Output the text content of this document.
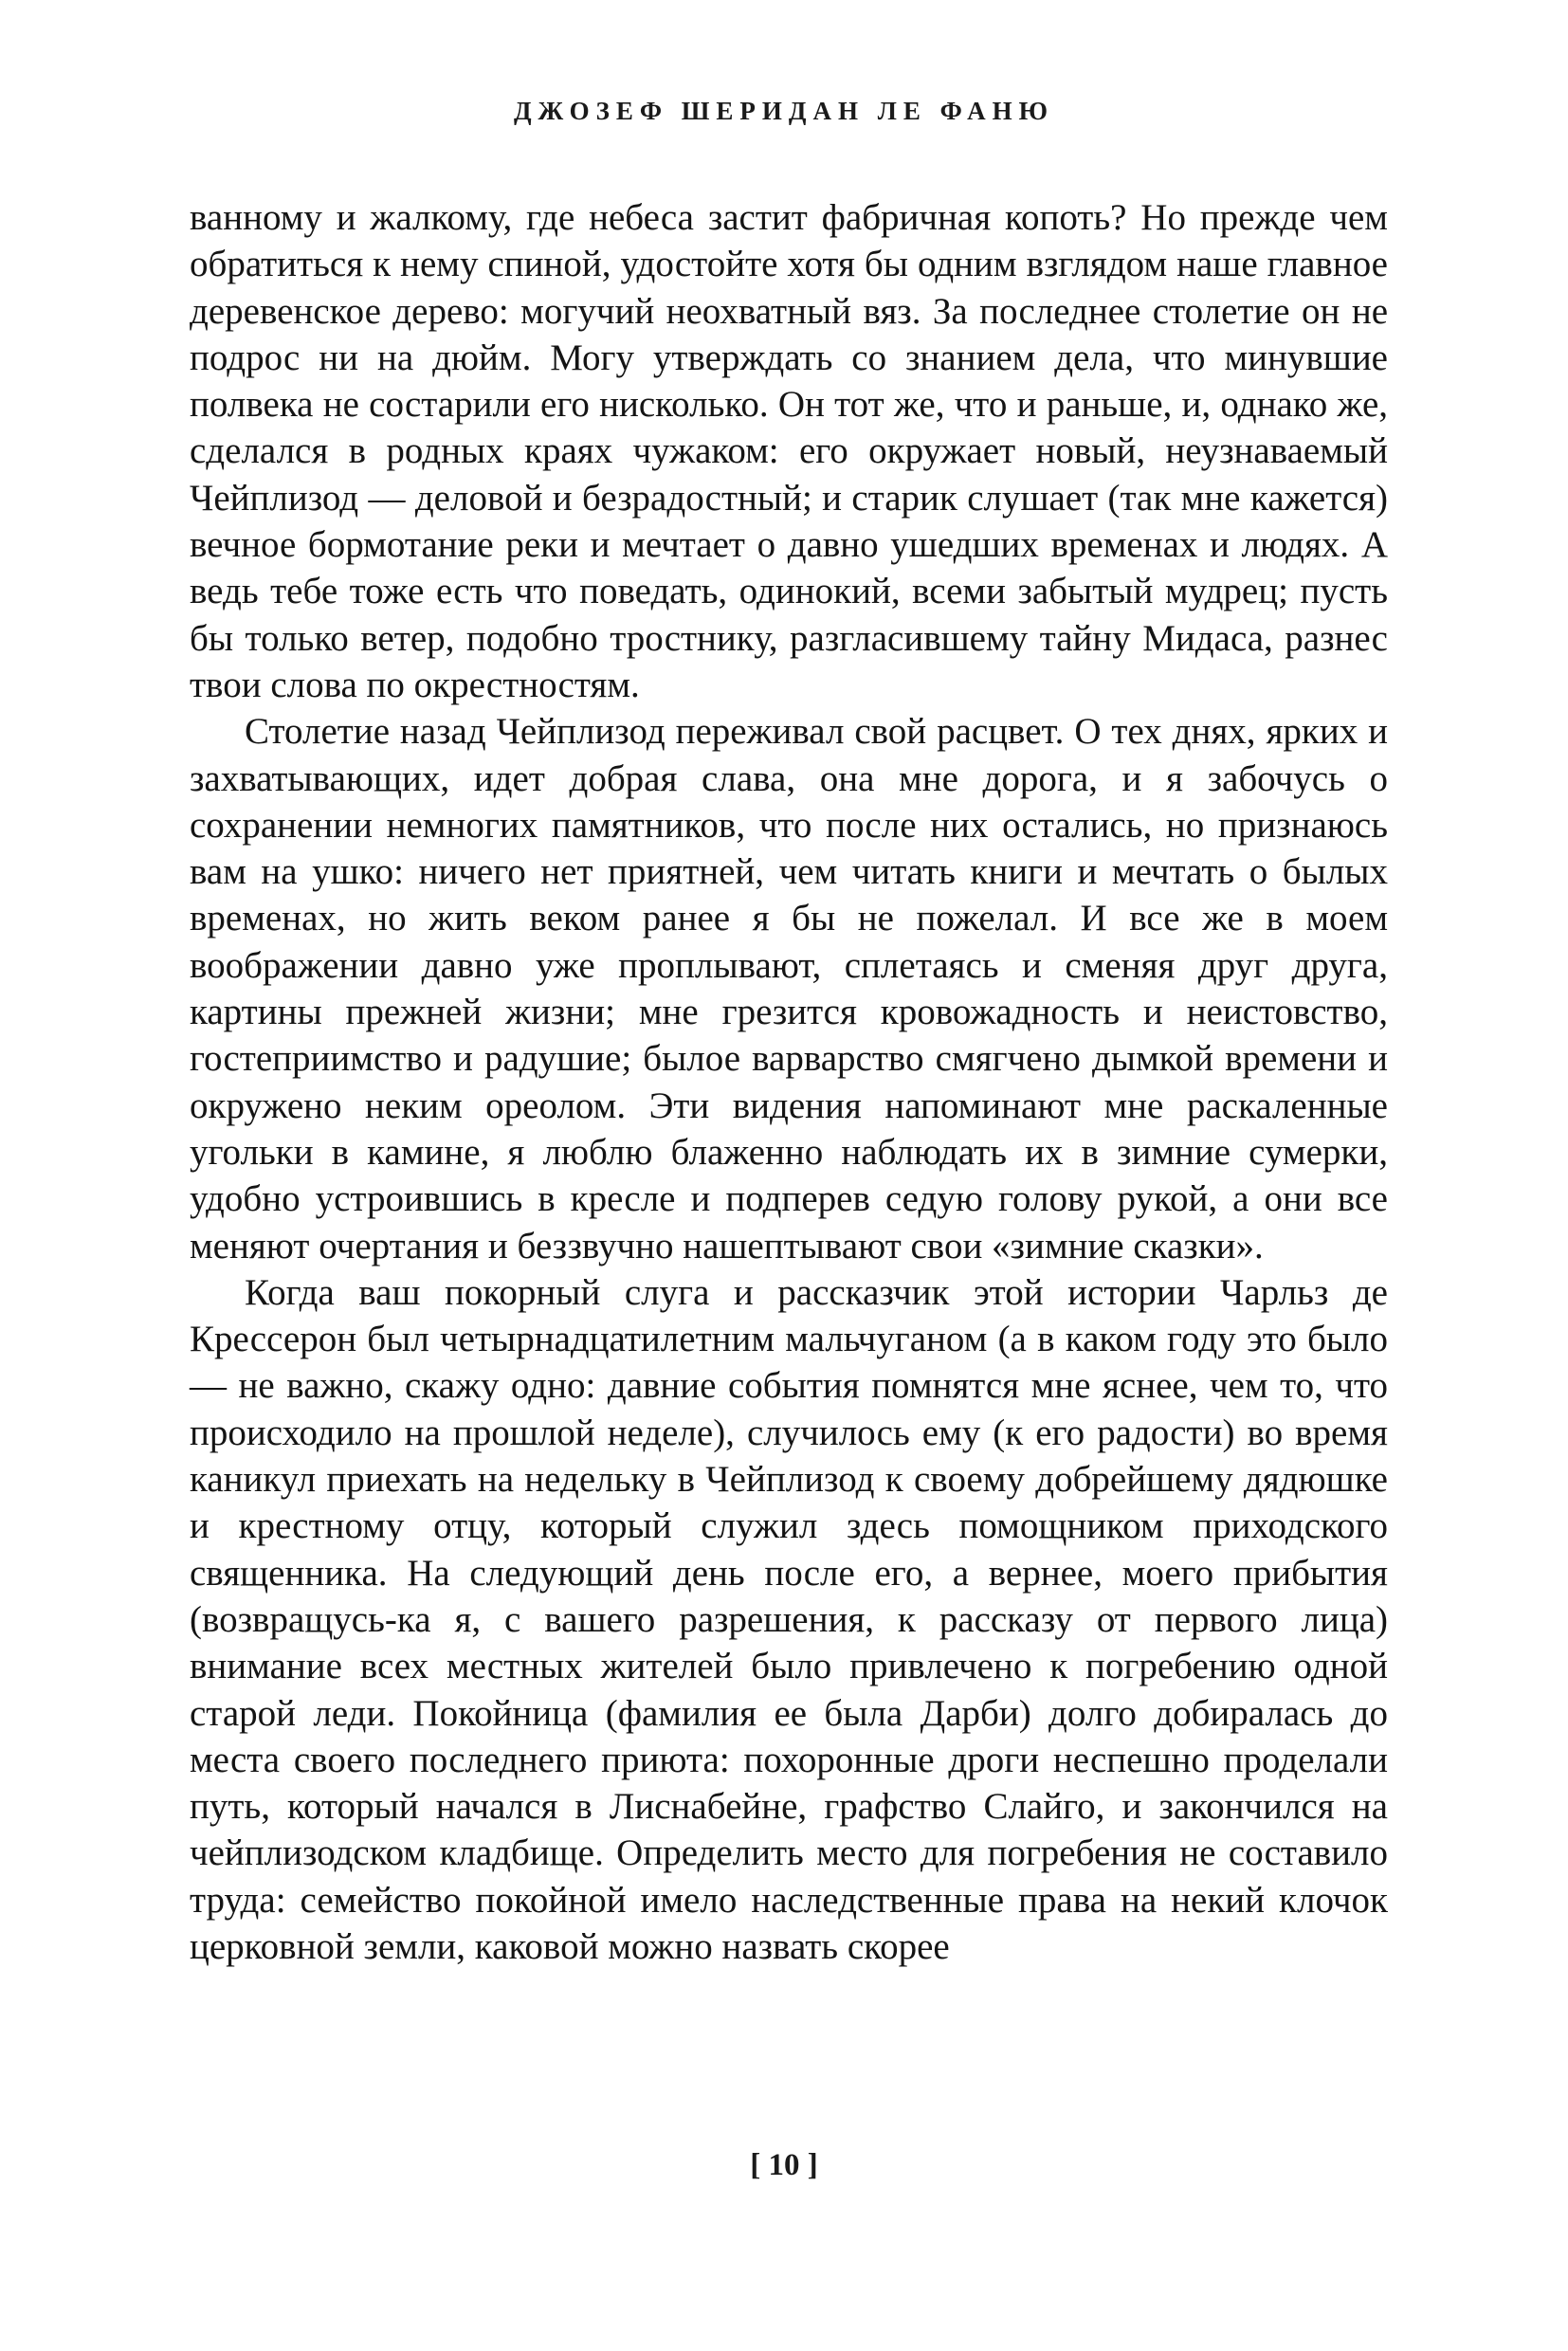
ДЖОЗЕФ ШЕРИДАН ЛЕ ФАНЮ

ванному и жалкому, где небеса застит фабричная копоть? Но прежде чем обратиться к нему спиной, удостойте хотя бы одним взглядом наше главное деревенское дерево: могучий неохватный вяз. За последнее столетие он не подрос ни на дюйм. Могу утверждать со знанием дела, что минувшие полвека не состарили его нисколько. Он тот же, что и раньше, и, однако же, сделался в родных краях чужаком: его окружает новый, неузнаваемый Чейплизод — деловой и безрадостный; и старик слушает (так мне кажется) вечное бормотание реки и мечтает о давно ушедших временах и людях. А ведь тебе тоже есть что поведать, одинокий, всеми забытый мудрец; пусть бы только ветер, подобно тростнику, разгласившему тайну Мидаса, разнес твои слова по окрестностям.

Столетие назад Чейплизод переживал свой расцвет. О тех днях, ярких и захватывающих, идет добрая слава, она мне дорога, и я забочусь о сохранении немногих памятников, что после них остались, но признаюсь вам на ушко: ничего нет приятней, чем читать книги и мечтать о былых временах, но жить веком ранее я бы не пожелал. И все же в моем воображении давно уже проплывают, сплетаясь и сменяя друг друга, картины прежней жизни; мне грезится кровожадность и неистовство, гостеприимство и радушие; былое варварство смягчено дымкой времени и окружено неким ореолом. Эти видения напоминают мне раскаленные угольки в камине, я люблю блаженно наблюдать их в зимние сумерки, удобно устроившись в кресле и подперев седую голову рукой, а они все меняют очертания и беззвучно нашептывают свои «зимние сказки».

Когда ваш покорный слуга и рассказчик этой истории Чарльз де Крессерон был четырнадцатилетним мальчуганом (а в каком году это было — не важно, скажу одно: давние события помнятся мне яснее, чем то, что происходило на прошлой неделе), случилось ему (к его радости) во время каникул приехать на недельку в Чейплизод к своему добрейшему дядюшке и крестному отцу, который служил здесь помощником приходского священника. На следующий день после его, а вернее, моего прибытия (возвращусь-ка я, с вашего разрешения, к рассказу от первого лица) внимание всех местных жителей было привлечено к погребению одной старой леди. Покойница (фамилия ее была Дарби) долго добиралась до места своего последнего приюта: похоронные дроги неспешно проделали путь, который начался в Лиснабейне, графство Слайго, и закончился на чейплизодском кладбище. Определить место для погребения не составило труда: семейство покойной имело наследственные права на некий клочок церковной земли, каковой можно назвать скорее

[ 10 ]
